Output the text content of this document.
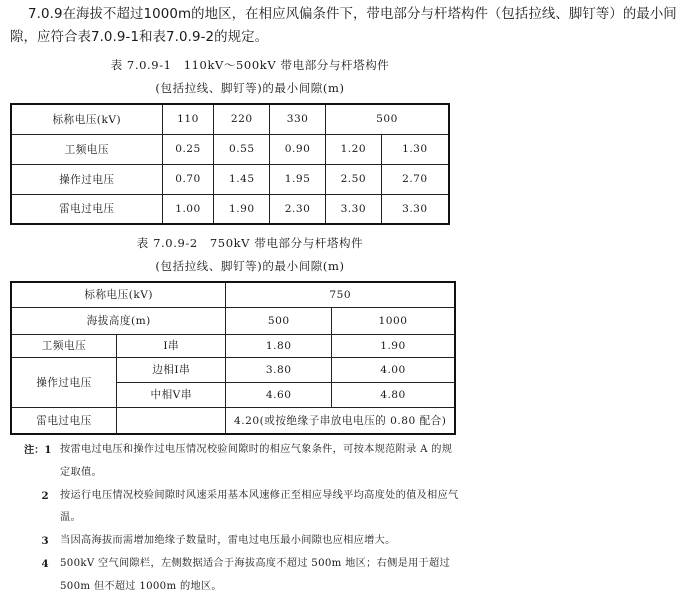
7.0.9在海拔不超过1000m的地区，在相应风偏条件下，带电部分与杆塔构件（包括拉线、脚钉等）的最小间隙，应符合表7.0.9-1和表7.0.9-2的规定。

表 7.0.9-1　110kV～500kV 带电部分与杆塔构件
(包括拉线、脚钉等)的最小间隙(m)
标称电压(kV)	110	220	330	500	
工频电压	0.25	0.55	0.90	1.20	1.30
操作过电压	0.70	1.45	1.95	2.50	2.70
雷电过电压	1.00	1.90	2.30	3.30	3.30
表 7.0.9-2　750kV 带电部分与杆塔构件
(包括拉线、脚钉等)的最小间隙(m)
标称电压(kV)		750	
海拔高度(m)		500	1000
工频电压	Ⅰ串	1.80	1.90
操作过电压	边相Ⅰ串	3.80	4.00
	中相Ⅴ串	4.60	4.80
雷电过电压		4.20(或按绝缘子串放电电压的 0.80 配合)	
注：1 按雷电过电压和操作过电压情况校验间隙时的相应气象条件，可按本规范附录 A 的规定取值。
2	按运行电压情况校验间隙时风速采用基本风速修正至相应导线平均高度处的值及相应气温。
3	当因高海拔而需增加绝缘子数量时，雷电过电压最小间隙也应相应增大。
4	500kV 空气间隙栏，左侧数据适合于海拔高度不超过 500m 地区；右侧是用于超过 500m 但不超过 1000m 的地区。
